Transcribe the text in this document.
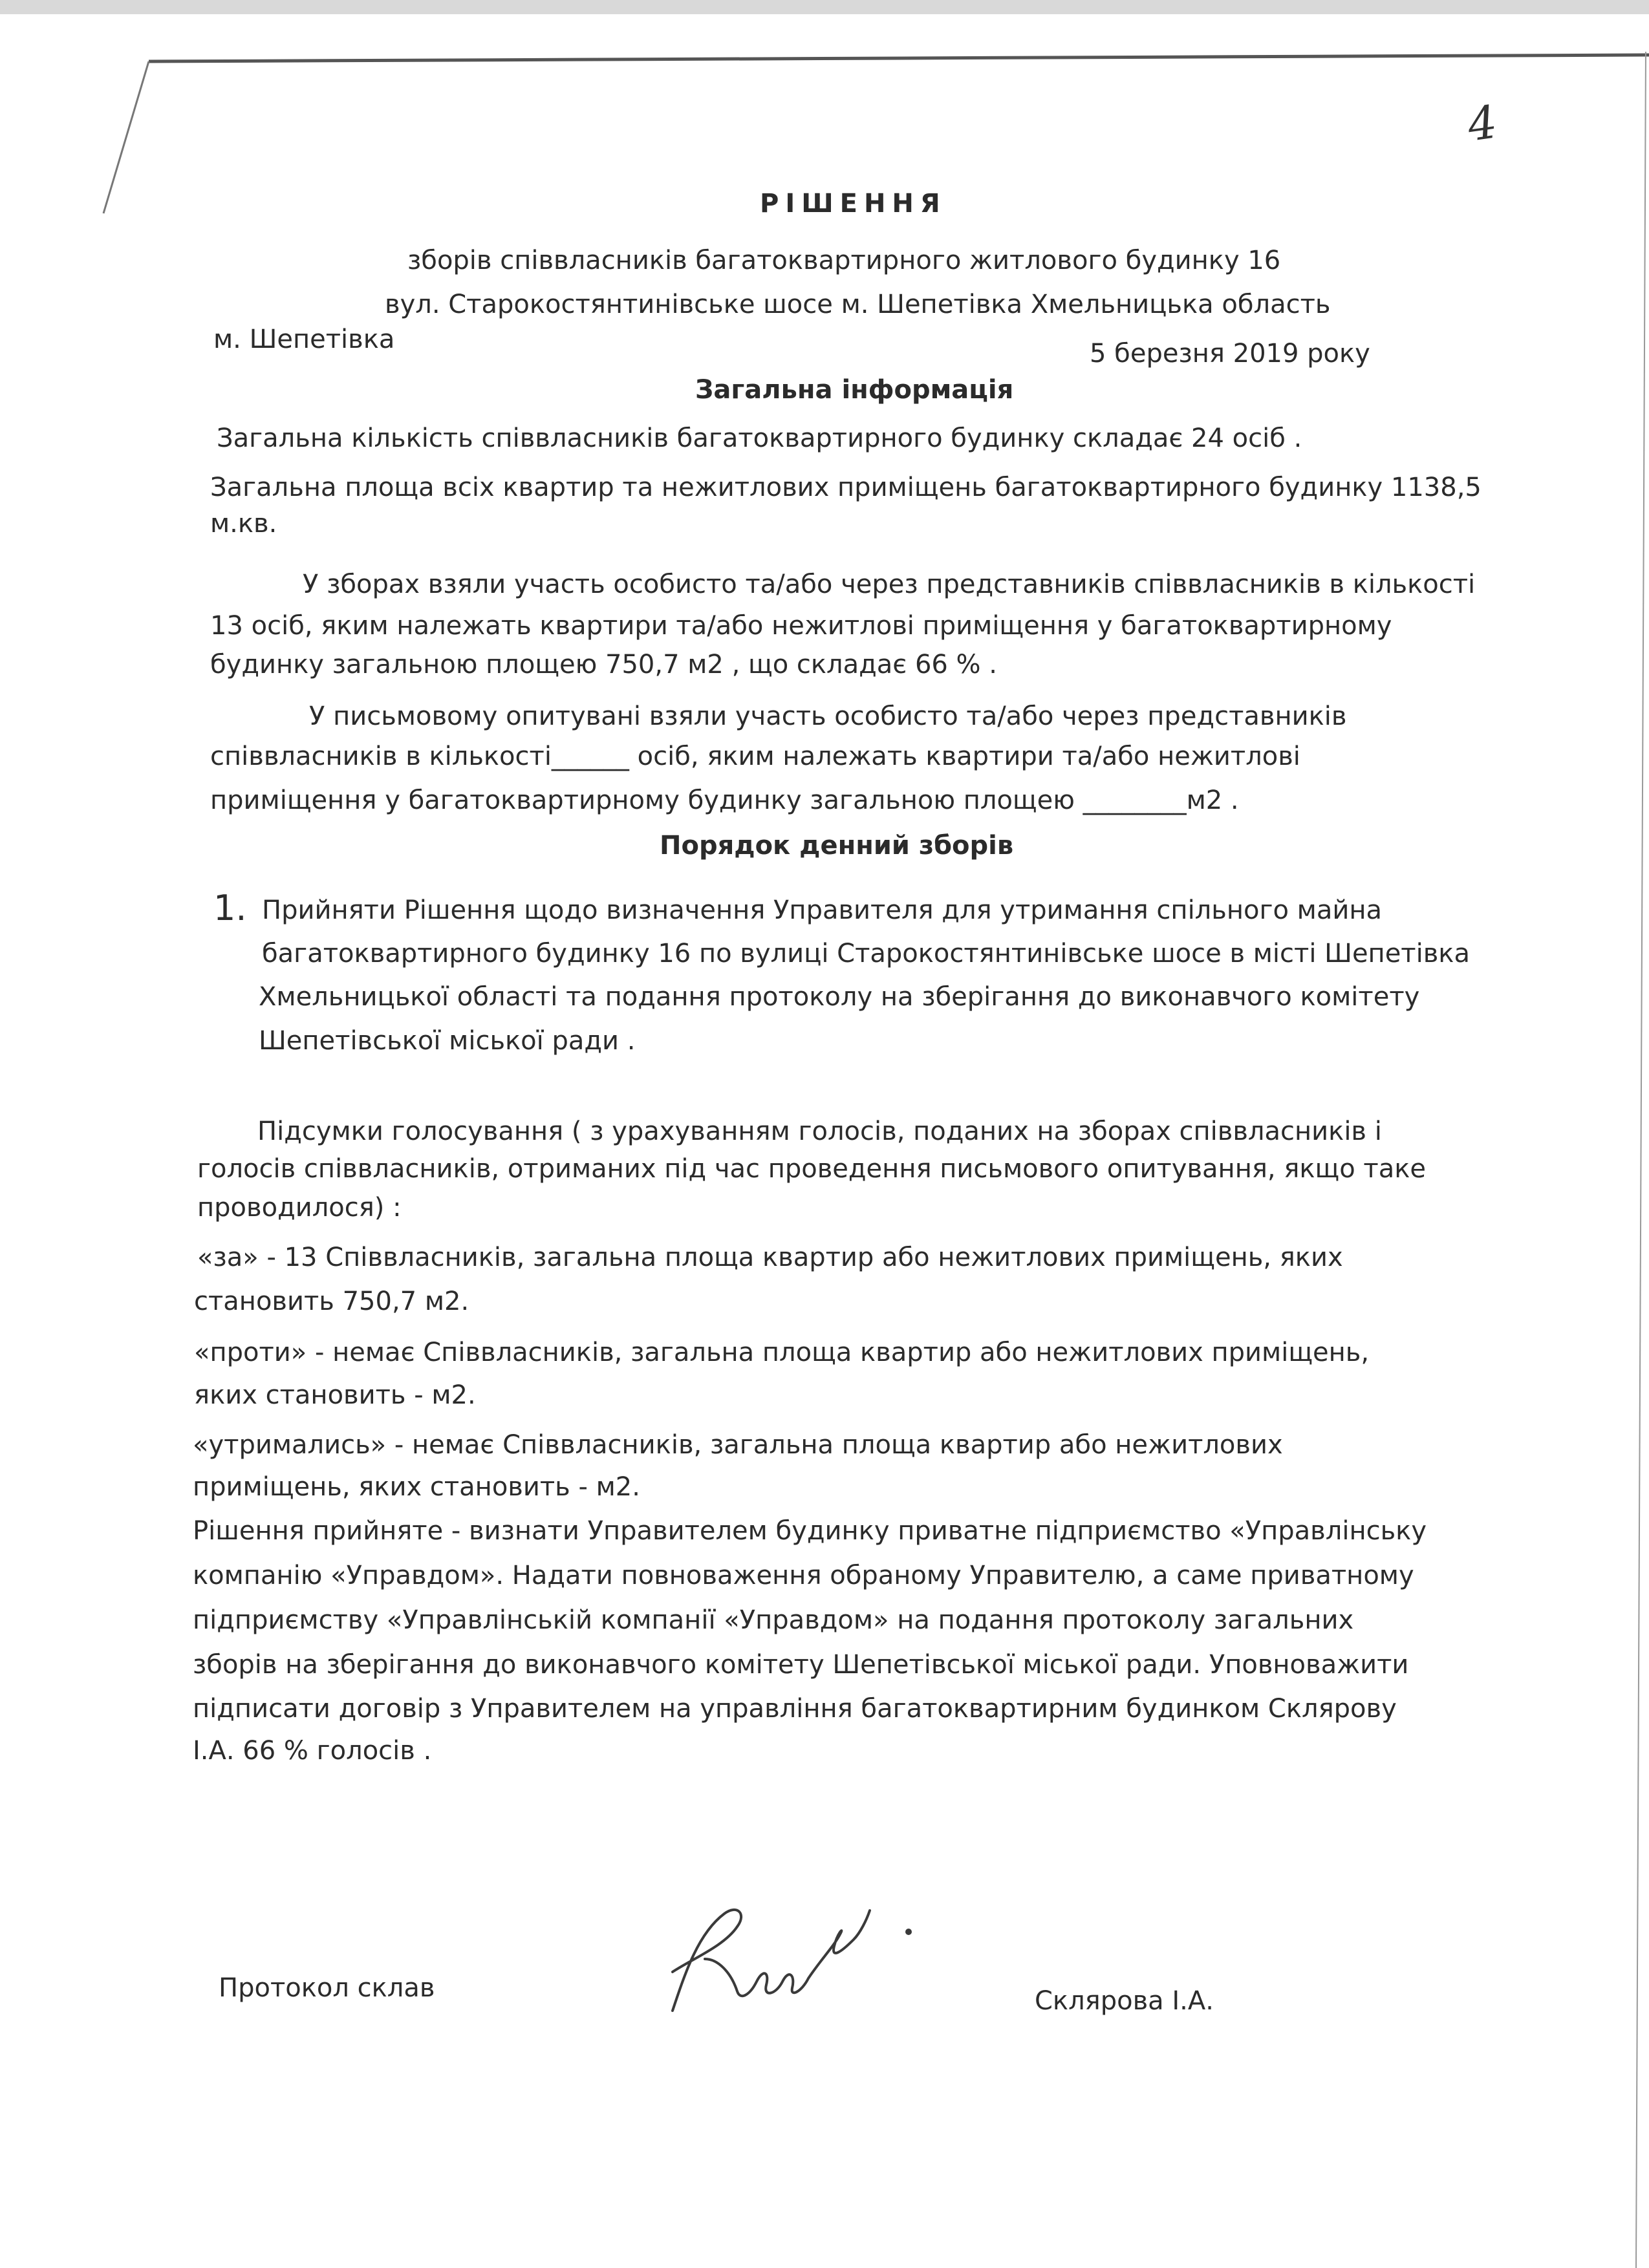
4
РІШЕННЯ
зборів співвласників багатоквартирного житлового будинку 16
вул. Старокостянтинівське шосе м. Шепетівка Хмельницька область
м. Шепетівка	5 березня 2019 року
Загальна інформація
Загальна кількість співвласників багатоквартирного будинку складає 24 осіб .
Загальна площа всіх квартир та нежитлових приміщень багатоквартирного будинку 1138,5
м.кв.
У зборах взяли участь особисто та/або через представників співвласників в кількості
13 осіб, яким належать квартири та/або нежитлові приміщення у багатоквартирному
будинку загальною площею 750,7 м2 , що складає 66 % .
У письмовому опитувані взяли участь особисто та/або через представників
співвласників в кількості______ осіб, яким належать квартири та/або нежитлові
приміщення у багатоквартирному будинку загальною площею ________м2 .
Порядок денний зборів
1. Прийняти Рішення щодо визначення Управителя для утримання спільного майна
багатоквартирного будинку 16 по вулиці Старокостянтинівське шосе в місті Шепетівка
Хмельницької області та подання протоколу на зберігання до виконавчого комітету
Шепетівської міської ради .
Підсумки голосування ( з урахуванням голосів, поданих на зборах співвласників і
голосів співвласників, отриманих під час проведення письмового опитування, якщо таке
проводилося) :
«за» - 13 Співвласників, загальна площа квартир або нежитлових приміщень, яких
становить 750,7 м2.
«проти» - немає Співвласників, загальна площа квартир або нежитлових приміщень,
яких становить - м2.
«утримались» - немає Співвласників, загальна площа квартир або нежитлових
приміщень, яких становить - м2.
Рішення прийняте - визнати Управителем будинку приватне підприємство «Управлінську
компанію «Управдом». Надати повноваження обраному Управителю, а саме приватному
підприємству «Управлінській компанії «Управдом» на подання протоколу загальних
зборів на зберігання до виконавчого комітету Шепетівської міської ради. Уповноважити
підписати договір з Управителем на управління багатоквартирним будинком Склярову
І.А. 66 % голосів .
Протокол склав	Склярова І.А.
